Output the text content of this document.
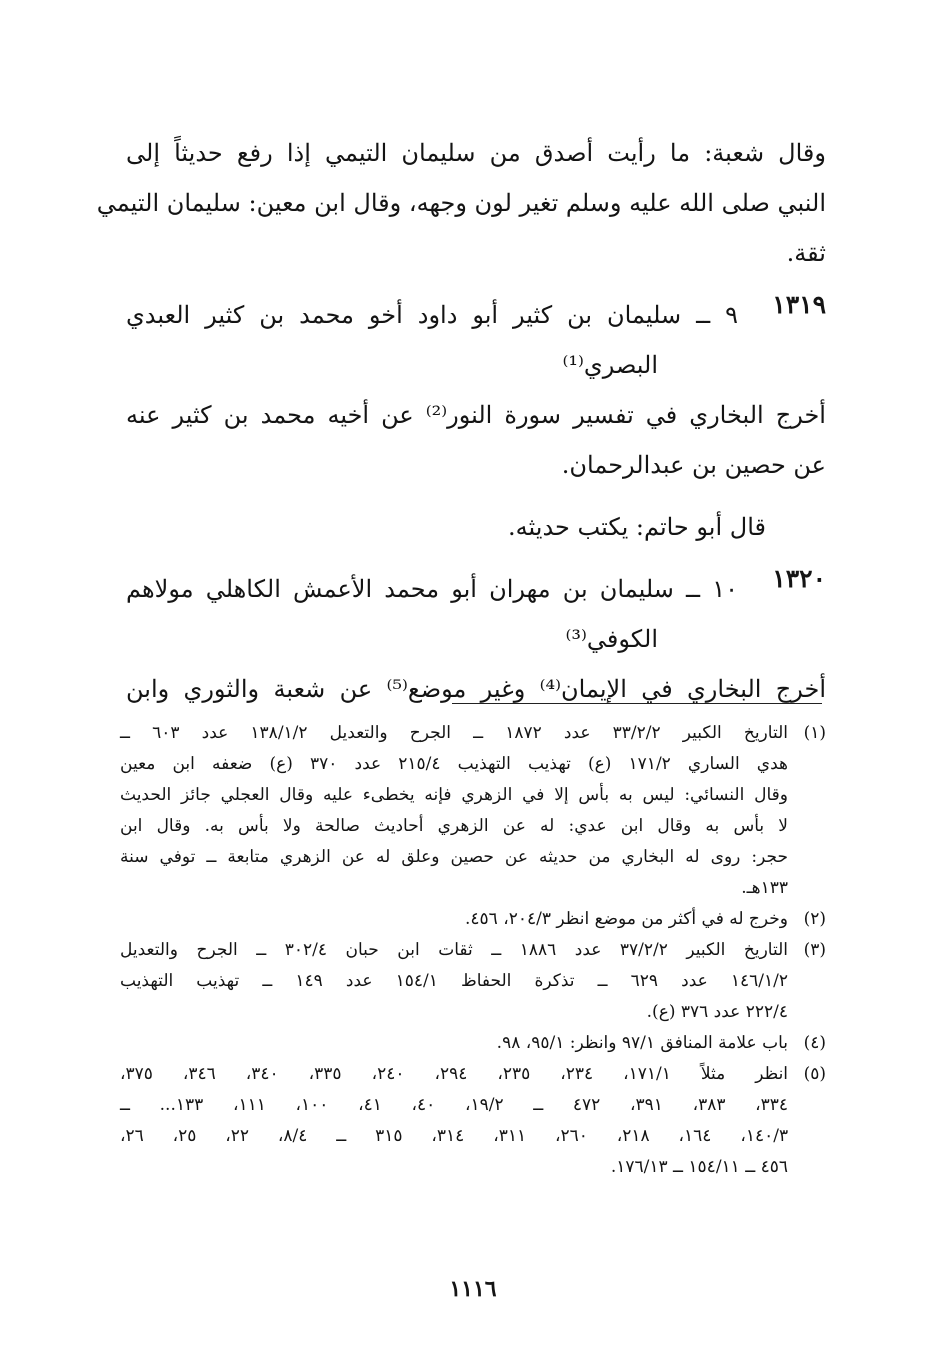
وقال شعبة: ما رأيت أصدق من سليمان التيمي إذا رفع حديثاً إلى
النبي صلى الله عليه وسلم تغير لون وجهه، وقال ابن معين: سليمان التيمي
ثقة.
١٣١٩
٩ ــ سليمان بن كثير أبو داود أخو محمد بن كثير العبدي
البصري⁽¹⁾
أخرج البخاري في تفسير سورة النور⁽²⁾ عن أخيه محمد بن كثير عنه
عن حصين بن عبدالرحمان.
قال أبو حاتم: يكتب حديثه.
١٣٢٠
١٠ ــ سليمان بن مهران أبو محمد الأعمش الكاهلي مولاهم
الكوفي⁽³⁾
أخرج البخاري في الإيمان⁽⁴⁾ وغير موضع⁽⁵⁾ عن شعبة والثوري وابن
(١)
التاريخ الكبير ٣٣/٢/٢ عدد ١٨٧٢ ــ الجرح والتعديل ١٣٨/١/٢ عدد ٦٠٣ ــ
هدي الساري ١٧١/٢ (ع) تهذيب التهذيب ٢١٥/٤ عدد ٣٧٠ (ع) ضعفه ابن معين
وقال النسائي: ليس به بأس إلا في الزهري فإنه يخطىء عليه وقال العجلي جائز الحديث
لا بأس به وقال ابن عدي: له عن الزهري أحاديث صالحة ولا بأس به. وقال ابن
حجر: روى له البخاري من حديثه عن حصين وعلق له عن الزهري متابعة ــ توفي سنة
١٣٣هـ.
(٢)
وخرج له في أكثر من موضع انظر ٢٠٤/٣، ٤٥٦.
(٣)
التاريخ الكبير ٣٧/٢/٢ عدد ١٨٨٦ ــ ثقات ابن حبان ٣٠٢/٤ ــ الجرح والتعديل
١٤٦/١/٢ عدد ٦٢٩ ــ تذكرة الحفاظ ١٥٤/١ عدد ١٤٩ ــ تهذيب التهذيب
٢٢٢/٤ عدد ٣٧٦ (ع).
(٤)
باب علامة المنافق ٩٧/١ وانظر: ٩٥/١، ٩٨.
(٥)
انظر مثلاً ١٧١/١، ٢٣٤، ٢٣٥، ٢٩٤، ٢٤٠، ٣٣٥، ٣٤٠، ٣٤٦، ٣٧٥،
٣٣٤، ٣٨٣، ٣٩١، ٤٧٢ ــ ١٩/٢، ٤٠، ٤١، ١٠٠، ١١١، ١٣٣... ــ
١٤٠/٣، ١٦٤، ٢١٨، ٢٦٠، ٣١١، ٣١٤، ٣١٥ ــ ٨/٤، ٢٢، ٢٥، ٢٦،
٤٥٦ ــ ١٥٤/١١ ــ ١٧٦/١٣.
١١١٦
